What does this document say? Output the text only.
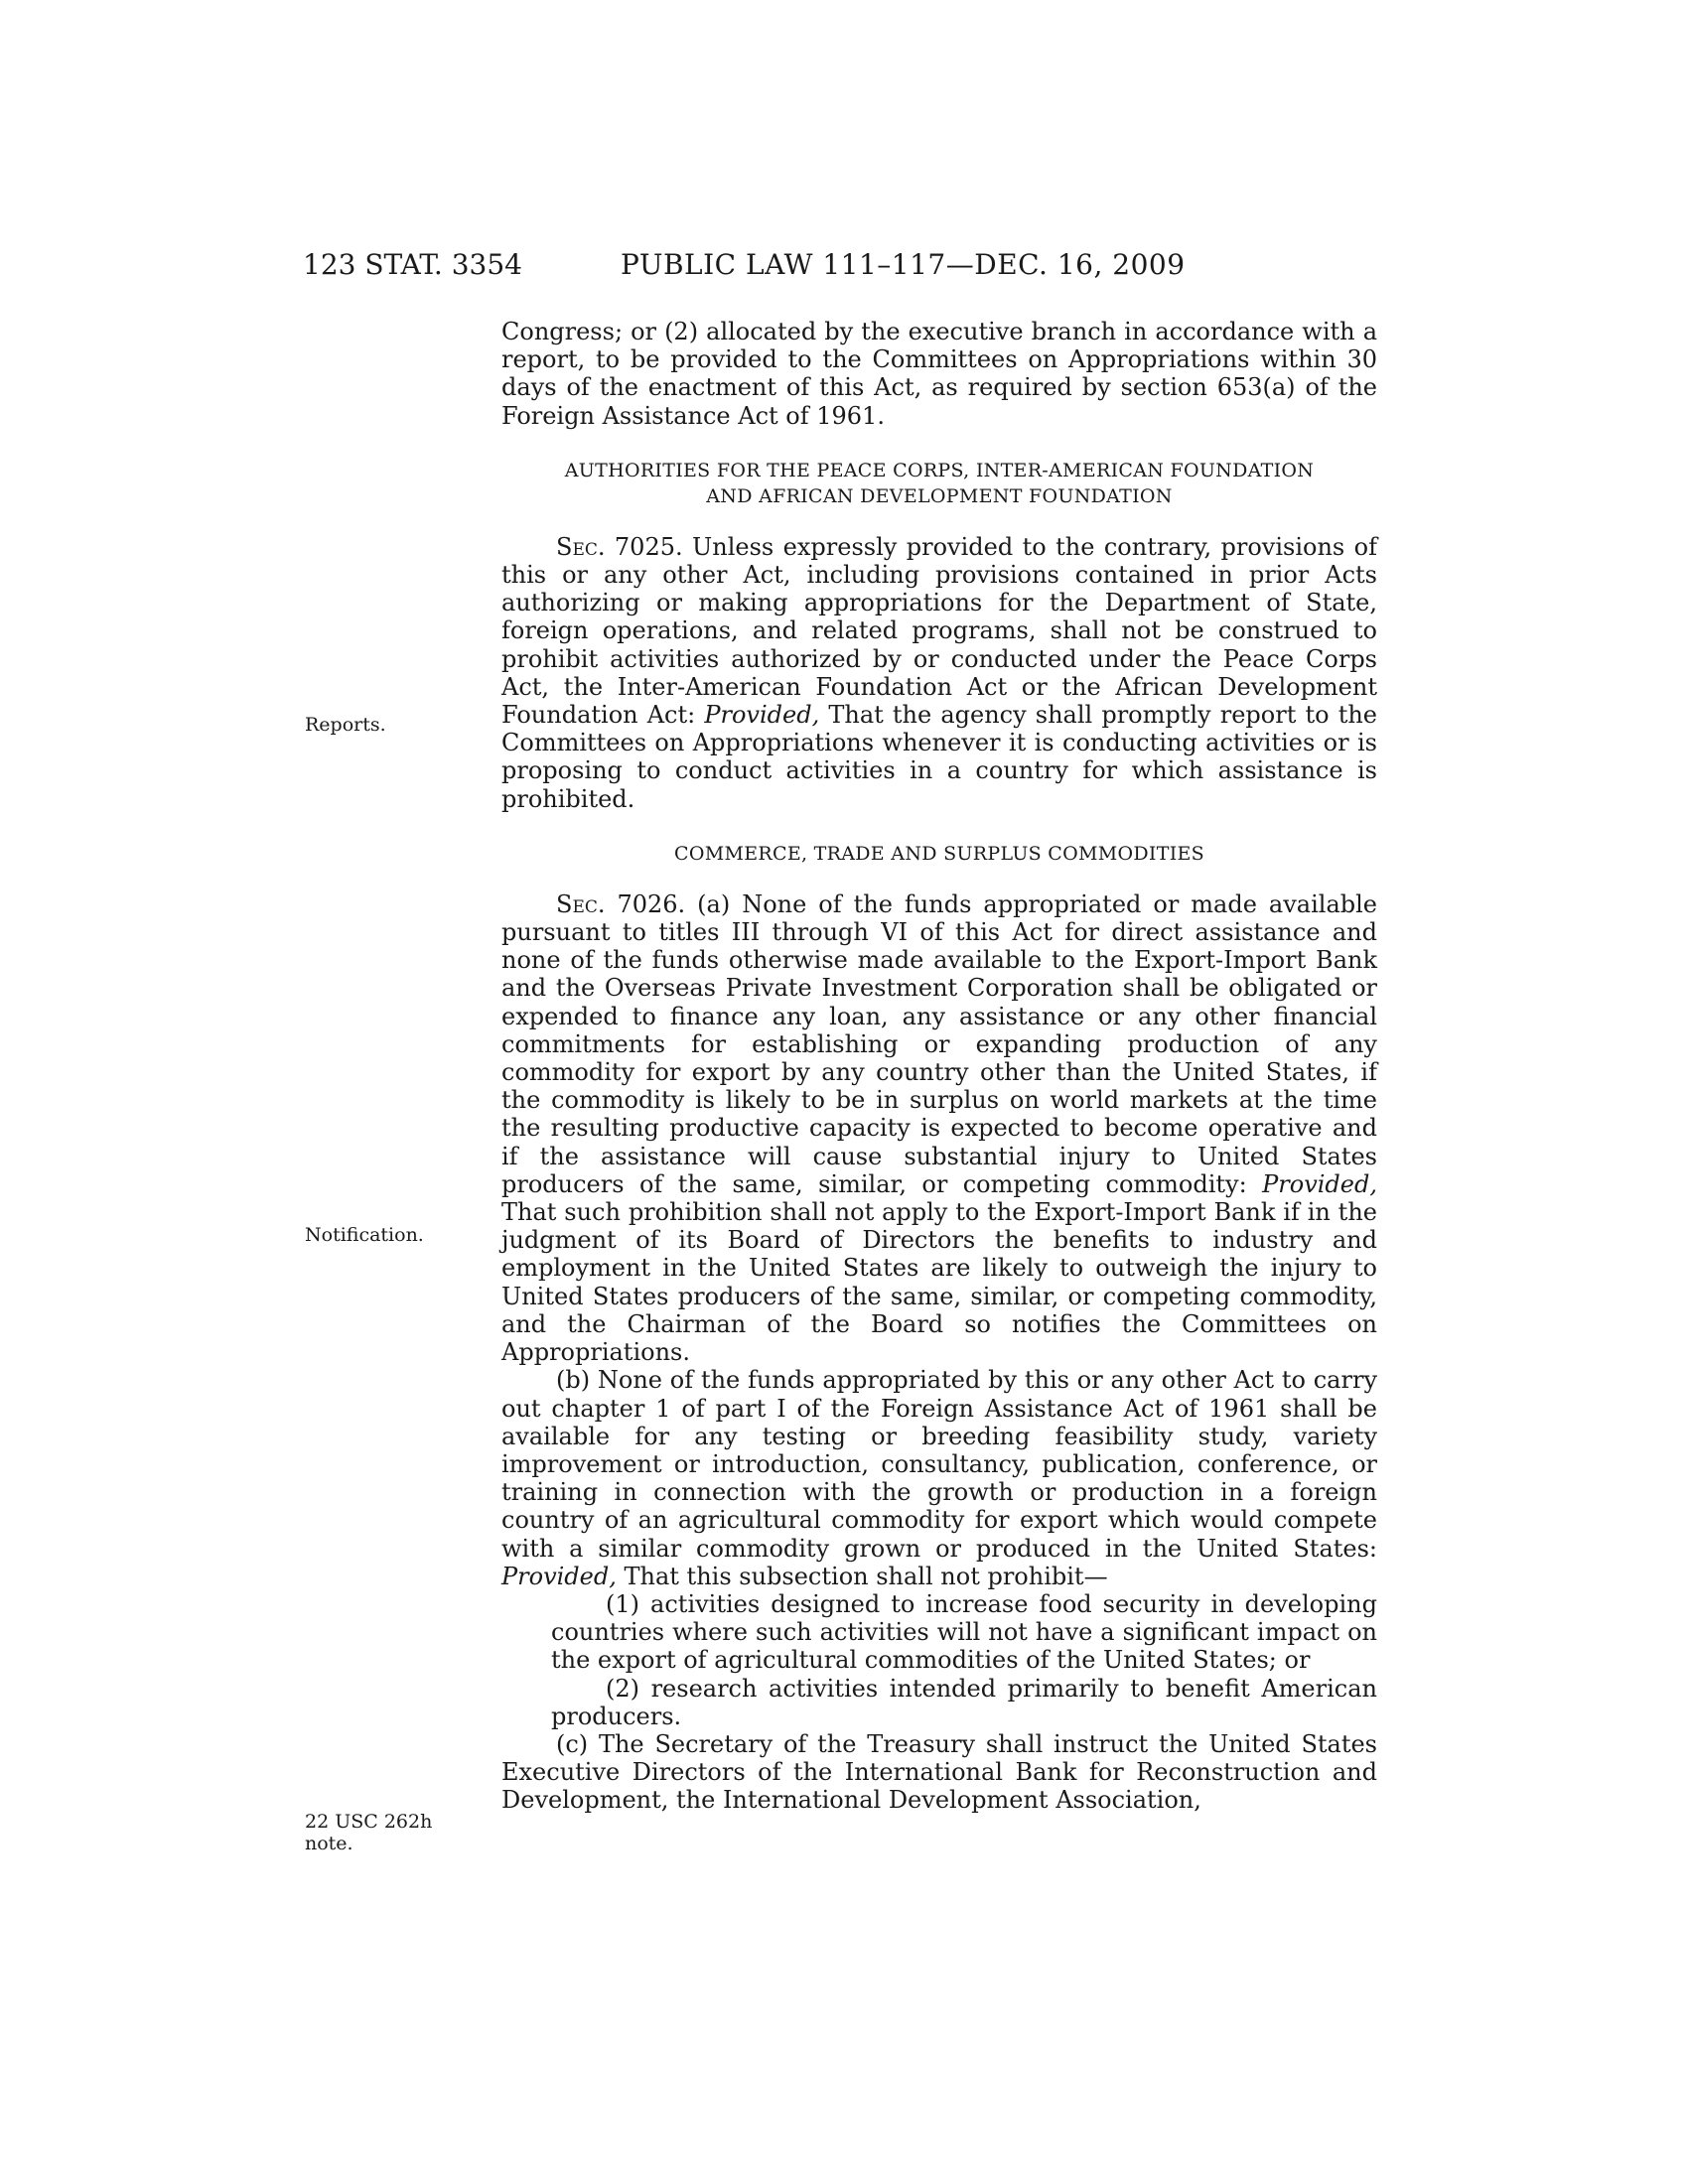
123 STAT. 3354	PUBLIC LAW 111–117—DEC. 16, 2009
Reports.
Notification.
22 USC 262h
note.

Congress; or (2) allocated by the executive branch in accordance with a report, to be provided to the Committees on Appropriations within 30 days of the enactment of this Act, as required by section 653(a) of the Foreign Assistance Act of 1961.

AUTHORITIES FOR THE PEACE CORPS, INTER-AMERICAN FOUNDATION
AND AFRICAN DEVELOPMENT FOUNDATION

Sec. 7025. Unless expressly provided to the contrary, provisions of this or any other Act, including provisions contained in prior Acts authorizing or making appropriations for the Department of State, foreign operations, and related programs, shall not be construed to prohibit activities authorized by or conducted under the Peace Corps Act, the Inter-American Foundation Act or the African Development Foundation Act: Provided, That the agency shall promptly report to the Committees on Appropriations whenever it is conducting activities or is proposing to conduct activities in a country for which assistance is prohibited.

COMMERCE, TRADE AND SURPLUS COMMODITIES

Sec. 7026. (a) None of the funds appropriated or made available pursuant to titles III through VI of this Act for direct assistance and none of the funds otherwise made available to the Export-Import Bank and the Overseas Private Investment Corporation shall be obligated or expended to finance any loan, any assistance or any other financial commitments for establishing or expanding production of any commodity for export by any country other than the United States, if the commodity is likely to be in surplus on world markets at the time the resulting productive capacity is expected to become operative and if the assistance will cause substantial injury to United States producers of the same, similar, or competing commodity: Provided, That such prohibition shall not apply to the Export-Import Bank if in the judgment of its Board of Directors the benefits to industry and employment in the United States are likely to outweigh the injury to United States producers of the same, similar, or competing commodity, and the Chairman of the Board so notifies the Committees on Appropriations.

(b) None of the funds appropriated by this or any other Act to carry out chapter 1 of part I of the Foreign Assistance Act of 1961 shall be available for any testing or breeding feasibility study, variety improvement or introduction, consultancy, publication, conference, or training in connection with the growth or production in a foreign country of an agricultural commodity for export which would compete with a similar commodity grown or produced in the United States: Provided, That this subsection shall not prohibit—

(1) activities designed to increase food security in developing countries where such activities will not have a significant impact on the export of agricultural commodities of the United States; or

(2) research activities intended primarily to benefit American producers.

(c) The Secretary of the Treasury shall instruct the United States Executive Directors of the International Bank for Reconstruction and Development, the International Development Association,
